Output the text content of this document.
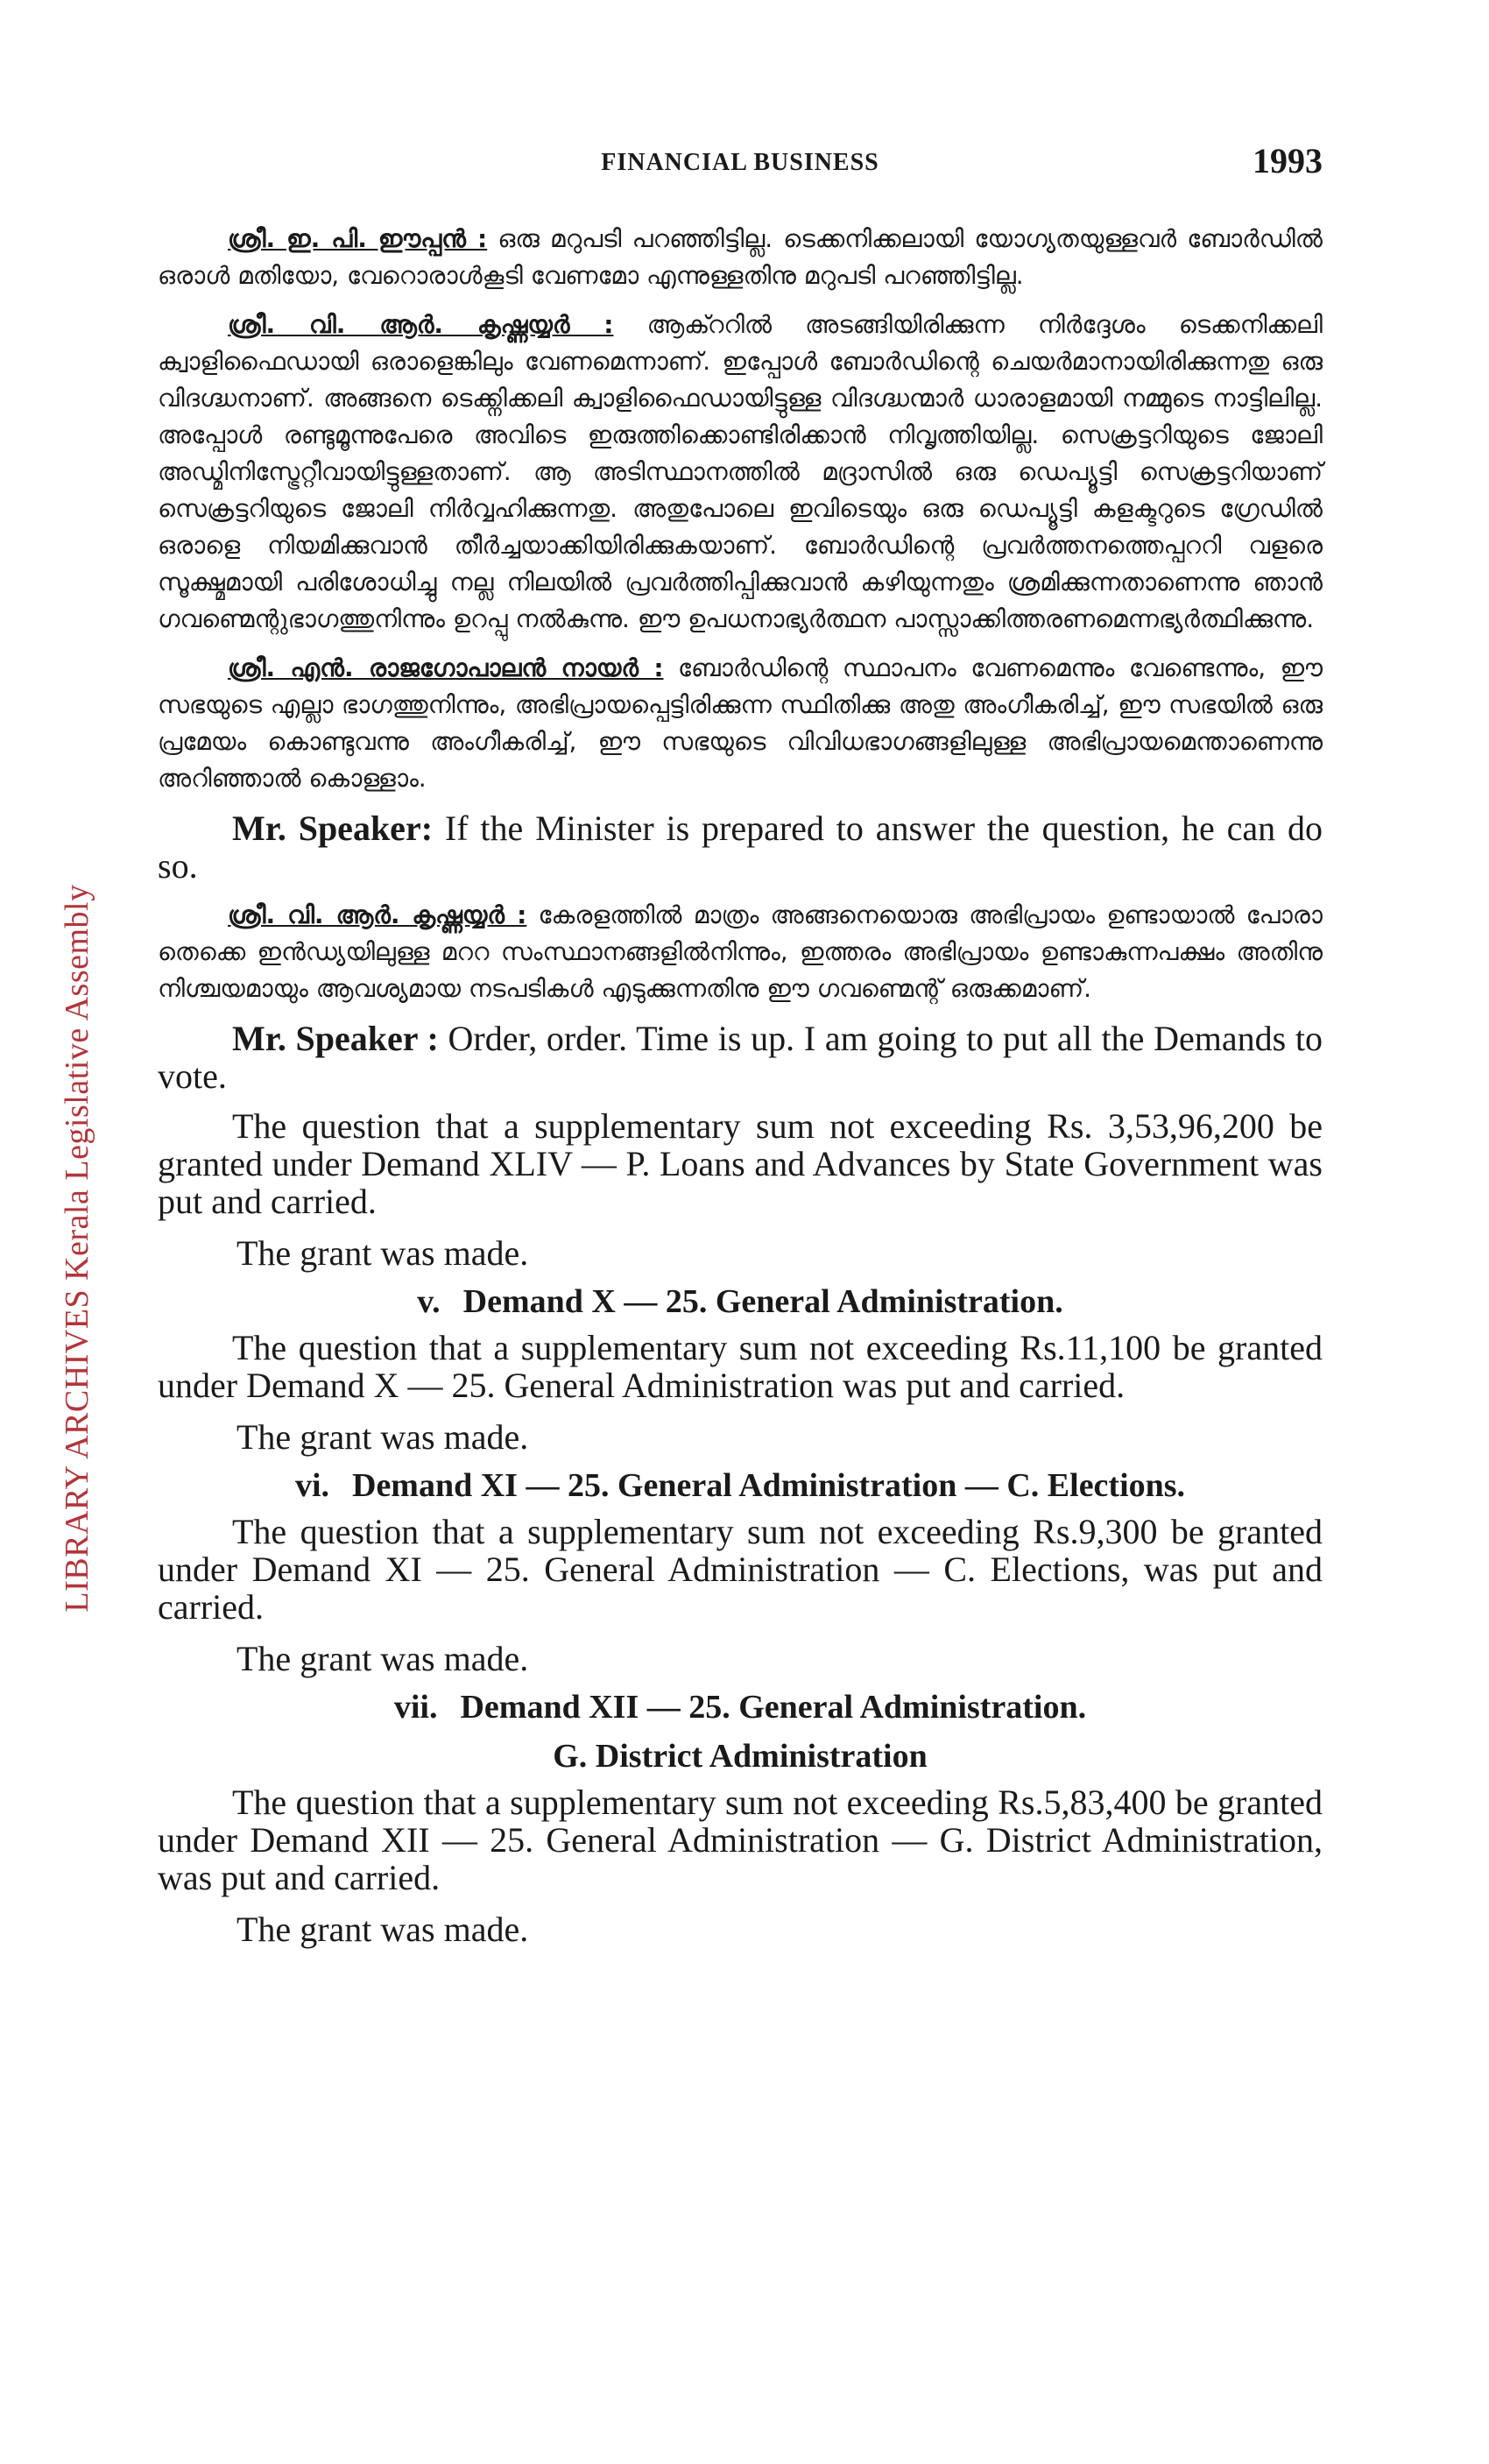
LIBRARY ARCHIVES Kerala Legislative Assembly
FINANCIAL BUSINESS	1993

ശ്രീ. ഇ. പി. ഈപ്പൻ : ഒരു മറുപടി പറഞ്ഞിട്ടില്ല. ടെക്കനിക്കലായി യോഗ്യതയുള്ളവർ ബോർഡിൽ ഒരാൾ മതിയോ, വേറൊരാൾകൂടി വേണമോ എന്നുള്ളതിനു മറുപടി പറഞ്ഞിട്ടില്ല.

ശ്രീ. വി. ആർ. കൃഷ്ണയ്യർ : ആക്ററിൽ അടങ്ങിയിരിക്കുന്ന നിർദ്ദേശം ടെക്കനിക്കലി ക്വാളിഫൈഡായി ഒരാളെങ്കിലും വേണമെന്നാണ്. ഇപ്പോൾ ബോർഡിന്റെ ചെയർമാനായിരിക്കുന്നതു ഒരു വിദഗ്ദ്ധനാണ്. അങ്ങനെ ടെക്ക്നിക്കലി ക്വാളിഫൈഡായിട്ടുള്ള വിദഗ്ദ്ധന്മാർ ധാരാളമായി നമ്മുടെ നാട്ടിലില്ല. അപ്പോൾ രണ്ടുമൂന്നുപേരെ അവിടെ ഇരുത്തിക്കൊണ്ടിരിക്കാൻ നിവൃത്തിയില്ല. സെക്രട്ടറിയുടെ ജോലി അഡ്മിനിസ്ട്രേറ്റീവായിട്ടുള്ളതാണ്. ആ അടിസ്ഥാനത്തിൽ മദ്രാസിൽ ഒരു ഡെപ്യൂട്ടി സെക്രട്ടറിയാണ് സെക്രട്ടറിയുടെ ജോലി നിർവ്വഹിക്കുന്നതു. അതുപോലെ ഇവിടെയും ഒരു ഡെപ്യൂട്ടി കളക്ടറുടെ ഗ്രേഡിൽ ഒരാളെ നിയമിക്കുവാൻ തീർച്ചയാക്കിയിരിക്കുകയാണ്. ബോർഡിന്റെ പ്രവർത്തനത്തെപ്പററി വളരെ സൂക്ഷ്മമായി പരിശോധിച്ചു നല്ല നിലയിൽ പ്രവർത്തിപ്പിക്കുവാൻ കഴിയുന്നതും ശ്രമിക്കുന്നതാണെന്നു ഞാൻ ഗവണ്മെന്റുഭാഗത്തുനിന്നും ഉറപ്പു നൽകുന്നു. ഈ ഉപധനാഭ്യർത്ഥന പാസ്സാക്കിത്തരണമെന്നഭ്യർത്ഥിക്കുന്നു.

ശ്രീ. എൻ. രാജഗോപാലൻ നായർ : ബോർഡിന്റെ സ്ഥാപനം വേണമെന്നും വേണ്ടെന്നും, ഈ സഭയുടെ എല്ലാ ഭാഗത്തുനിന്നും, അഭിപ്രായപ്പെട്ടിരിക്കുന്ന സ്ഥിതിക്കു അതു അംഗീകരിച്ച്, ഈ സഭയിൽ ഒരു പ്രമേയം കൊണ്ടുവന്നു അംഗീകരിച്ച്, ഈ സഭയുടെ വിവിധഭാഗങ്ങളിലുള്ള അഭിപ്രായമെന്താണെന്നു അറിഞ്ഞാൽ കൊള്ളാം.

Mr. Speaker: If the Minister is prepared to answer the question, he can do so.

ശ്രീ. വി. ആർ. കൃഷ്ണയ്യർ : കേരളത്തിൽ മാത്രം അങ്ങനെയൊരു അഭിപ്രായം ഉണ്ടായാൽ പോരാ തെക്കെ ഇൻഡ്യയിലുള്ള മററ സംസ്ഥാനങ്ങളിൽനിന്നും, ഇത്തരം അഭിപ്രായം ഉണ്ടാകുന്നപക്ഷം അതിനു നിശ്ചയമായും ആവശ്യമായ നടപടികൾ എടുക്കുന്നതിനു ഈ ഗവണ്മെന്റ് ഒരുക്കമാണ്.

Mr. Speaker : Order, order. Time is up. I am going to put all the Demands to vote.

The question that a supplementary sum not exceeding Rs. 3,53,96,200 be granted under Demand XLIV — P. Loans and Advances by State Government was put and carried.

The grant was made.
v. Demand X — 25. General Administration.

The question that a supplementary sum not exceeding Rs.11,100 be granted under Demand X — 25. General Administration was put and carried.

The grant was made.
vi. Demand XI — 25. General Administration — C. Elections.

The question that a supplementary sum not exceeding Rs.9,300 be granted under Demand XI — 25. General Administration — C. Elections, was put and carried.

The grant was made.
vii. Demand XII — 25. General Administration.
G. District Administration

The question that a supplementary sum not exceeding Rs.5,83,400 be granted under Demand XII — 25. General Administration — G. District Administration, was put and carried.

The grant was made.
